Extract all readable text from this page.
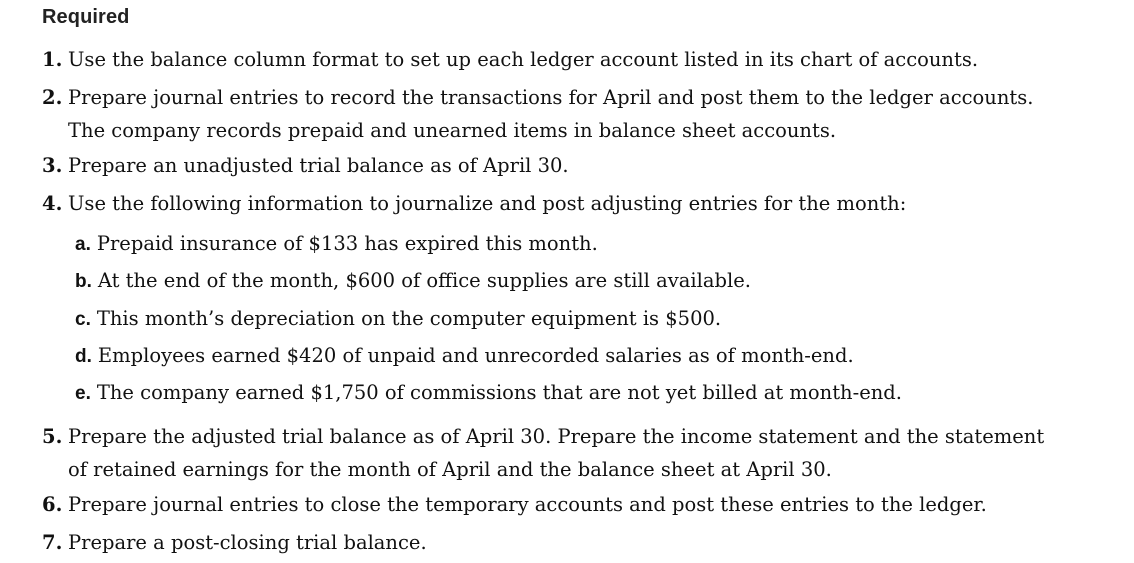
Required
1. Use the balance column format to set up each ledger account listed in its chart of accounts.
2. Prepare journal entries to record the transactions for April and post them to the ledger accounts. The company records prepaid and unearned items in balance sheet accounts.
3. Prepare an unadjusted trial balance as of April 30.
4. Use the following information to journalize and post adjusting entries for the month:
a. Prepaid insurance of $133 has expired this month.
b. At the end of the month, $600 of office supplies are still available.
c. This month’s depreciation on the computer equipment is $500.
d. Employees earned $420 of unpaid and unrecorded salaries as of month-end.
e. The company earned $1,750 of commissions that are not yet billed at month-end.
5. Prepare the adjusted trial balance as of April 30. Prepare the income statement and the statement of retained earnings for the month of April and the balance sheet at April 30.
6. Prepare journal entries to close the temporary accounts and post these entries to the ledger.
7. Prepare a post-closing trial balance.
